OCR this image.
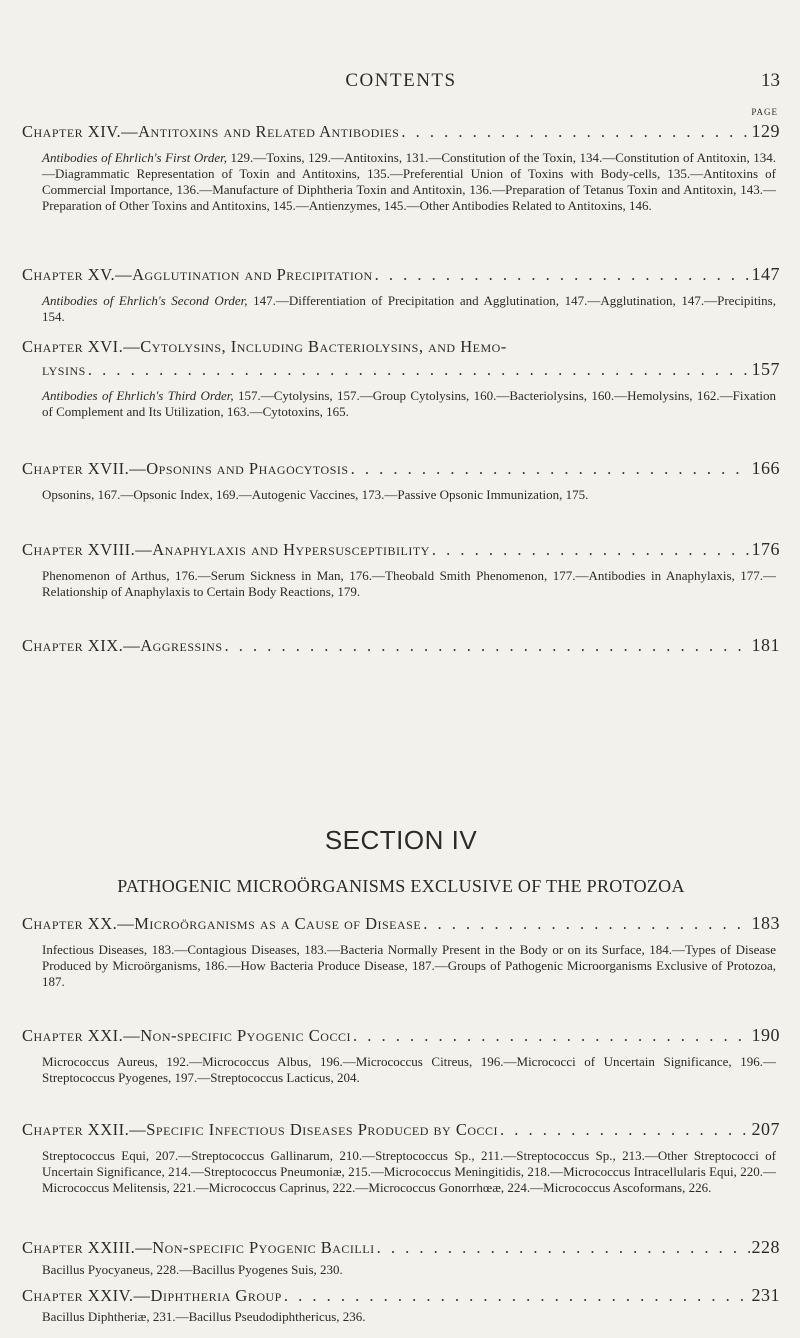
CONTENTS	13
PAGE
Chapter XIV.—Antitoxins and Related Antibodies . . .	129
Antibodies of Ehrlich's First Order, 129.—Toxins, 129.—Antitoxins, 131.—Constitution of the Toxin, 134.—Constitution of Antitoxin, 134.—Diagrammatic Representation of Toxin and Antitoxins, 135.—Preferential Union of Toxins with Body-cells, 135.—Antitoxins of Commercial Importance, 136.—Manufacture of Diphtheria Toxin and Antitoxin, 136.—Preparation of Tetanus Toxin and Antitoxin, 143.—Preparation of Other Toxins and Antitoxins, 145.—Antienzymes, 145.—Other Antibodies Related to Antitoxins, 146.
Chapter XV.—Agglutination and Precipitation . . .	147
Antibodies of Ehrlich's Second Order, 147.—Differentiation of Precipitation and Agglutination, 147.—Agglutination, 147.—Precipitins, 154.
Chapter XVI.—Cytolysins, Including Bacteriolysins, and Hemo-
lysins . . .	157
Antibodies of Ehrlich's Third Order, 157.—Cytolysins, 157.—Group Cytolysins, 160.—Bacteriolysins, 160.—Hemolysins, 162.—Fixation of Complement and Its Utilization, 163.—Cytotoxins, 165.
Chapter XVII.—Opsonins and Phagocytosis . . .	166
Opsonins, 167.—Opsonic Index, 169.—Autogenic Vaccines, 173.—Passive Opsonic Immunization, 175.
Chapter XVIII.—Anaphylaxis and Hypersusceptibility . . .	176
Phenomenon of Arthus, 176.—Serum Sickness in Man, 176.—Theobald Smith Phenomenon, 177.—Antibodies in Anaphylaxis, 177.—Relationship of Anaphylaxis to Certain Body Reactions, 179.
Chapter XIX.—Aggressins . . .	181
SECTION IV
PATHOGENIC MICROÖRGANISMS EXCLUSIVE OF THE PROTOZOA
Chapter XX.—Microörganisms as a Cause of Disease . . .	183
Infectious Diseases, 183.—Contagious Diseases, 183.—Bacteria Normally Present in the Body or on its Surface, 184.—Types of Disease Produced by Microörganisms, 186.—How Bacteria Produce Disease, 187.—Groups of Pathogenic Microorganisms Exclusive of Protozoa, 187.
Chapter XXI.—Non-specific Pyogenic Cocci . . .	190
Micrococcus Aureus, 192.—Micrococcus Albus, 196.—Micrococcus Citreus, 196.—Micrococci of Uncertain Significance, 196.—Streptococcus Pyogenes, 197.—Streptococcus Lacticus, 204.
Chapter XXII.—Specific Infectious Diseases Produced by Cocci . . .	207
Streptococcus Equi, 207.—Streptococcus Gallinarum, 210.—Streptococcus Sp., 211.—Streptococcus Sp., 213.—Other Streptococci of Uncertain Significance, 214.—Streptococcus Pneumoniæ, 215.—Micrococcus Meningitidis, 218.—Micrococcus Intracellularis Equi, 220.—Micrococcus Melitensis, 221.—Micrococcus Caprinus, 222.—Micrococcus Gonorrhœæ, 224.—Micrococcus Ascoformans, 226.
Chapter XXIII.—Non-specific Pyogenic Bacilli . . .	228
Bacillus Pyocyaneus, 228.—Bacillus Pyogenes Suis, 230.
Chapter XXIV.—Diphtheria Group . . .	231
Bacillus Diphtheriæ, 231.—Bacillus Pseudodiphthericus, 236.
